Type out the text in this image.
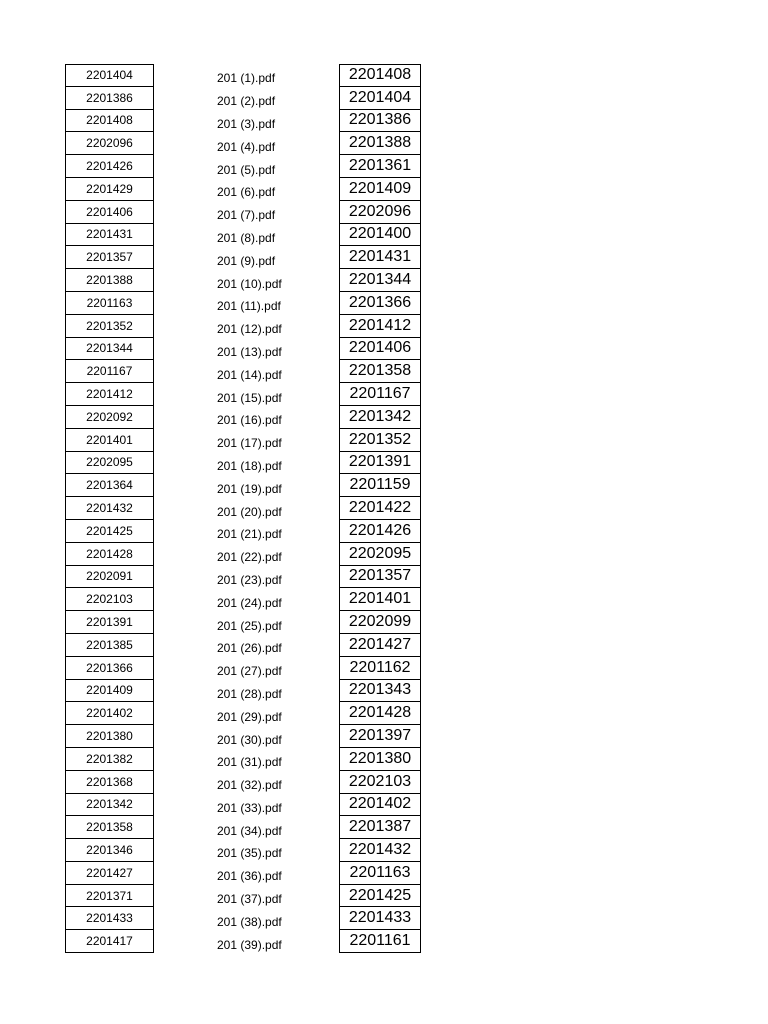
2201404
2201386
2201408
2202096
2201426
2201429
2201406
2201431
2201357
2201388
2201163
2201352
2201344
2201167
2201412
2202092
2201401
2202095
2201364
2201432
2201425
2201428
2202091
2202103
2201391
2201385
2201366
2201409
2201402
2201380
2201382
2201368
2201342
2201358
2201346
2201427
2201371
2201433
2201417
201 (1).pdf
201 (2).pdf
201 (3).pdf
201 (4).pdf
201 (5).pdf
201 (6).pdf
201 (7).pdf
201 (8).pdf
201 (9).pdf
201 (10).pdf
201 (11).pdf
201 (12).pdf
201 (13).pdf
201 (14).pdf
201 (15).pdf
201 (16).pdf
201 (17).pdf
201 (18).pdf
201 (19).pdf
201 (20).pdf
201 (21).pdf
201 (22).pdf
201 (23).pdf
201 (24).pdf
201 (25).pdf
201 (26).pdf
201 (27).pdf
201 (28).pdf
201 (29).pdf
201 (30).pdf
201 (31).pdf
201 (32).pdf
201 (33).pdf
201 (34).pdf
201 (35).pdf
201 (36).pdf
201 (37).pdf
201 (38).pdf
201 (39).pdf
2201408
2201404
2201386
2201388
2201361
2201409
2202096
2201400
2201431
2201344
2201366
2201412
2201406
2201358
2201167
2201342
2201352
2201391
2201159
2201422
2201426
2202095
2201357
2201401
2202099
2201427
2201162
2201343
2201428
2201397
2201380
2202103
2201402
2201387
2201432
2201163
2201425
2201433
2201161
